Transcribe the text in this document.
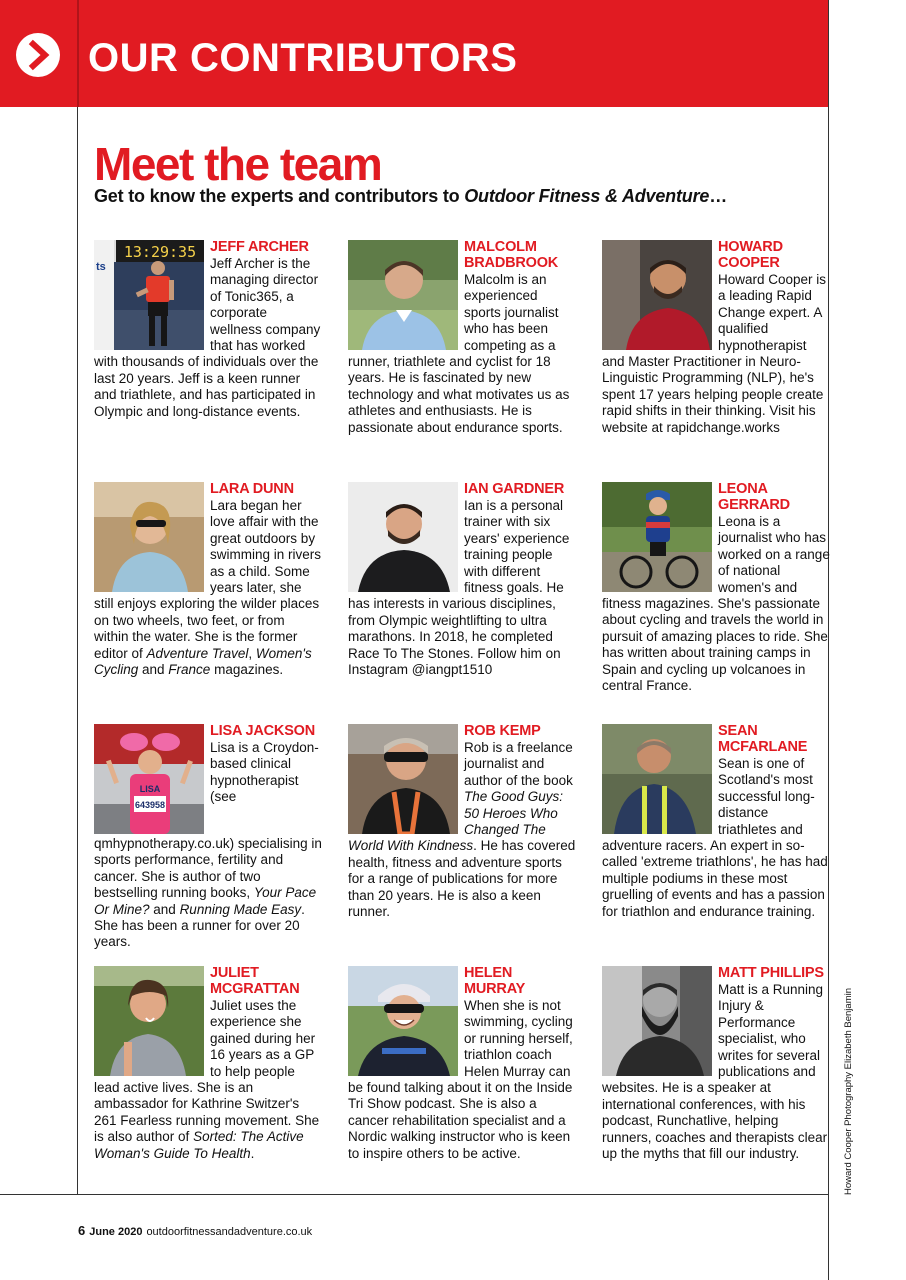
OUR CONTRIBUTORS
Meet the team
Get to know the experts and contributors to Outdoor Fitness & Adventure…
13:29:35
ts
JEFF ARCHER
Jeff Archer is the managing director of Tonic365, a corporate wellness company that has worked with thousands of individuals over the last 20 years. Jeff is a keen runner and triathlete, and has participated in Olympic and long-distance events.
MALCOLM BRADBROOK
Malcolm is an experienced sports journalist who has been competing as a runner, triathlete and cyclist for 18 years. He is fascinated by new technology and what motivates us as athletes and enthusiasts. He is passionate about endurance sports.
HOWARD COOPER
Howard Cooper is a leading Rapid Change expert. A qualified hypnotherapist and Master Practitioner in Neuro-Linguistic Programming (NLP), he's spent 17 years helping people create rapid shifts in their thinking. Visit his website at rapidchange.works
LARA DUNN
Lara began her love affair with the great outdoors by swimming in rivers as a child. Some years later, she still enjoys exploring the wilder places on two wheels, two feet, or from within the water. She is the former editor of Adventure Travel, Women's Cycling and France magazines.
IAN GARDNER
Ian is a personal trainer with six years' experience training people with different fitness goals. He has interests in various disciplines, from Olympic weightlifting to ultra marathons. In 2018, he completed Race To The Stones. Follow him on Instagram @iangpt1510
LEONA GERRARD
Leona is a journalist who has worked on a range of national women's and fitness magazines. She's passionate about cycling and travels the world in pursuit of amazing places to ride. She has written about training camps in Spain and cycling up volcanoes in central France.
LISA
643958
LISA JACKSON
Lisa is a Croydon-based clinical hypnotherapist (see qmhypnotherapy.co.uk) specialising in sports performance, fertility and cancer. She is author of two bestselling running books, Your Pace Or Mine? and Running Made Easy. She has been a runner for over 20 years.
ROB KEMP
Rob is a freelance journalist and author of the book The Good Guys: 50 Heroes Who Changed The World With Kindness. He has covered health, fitness and adventure sports for a range of publications for more than 20 years. He is also a keen runner.
SEAN MCFARLANE
Sean is one of Scotland's most successful long-distance triathletes and adventure racers. An expert in so-called 'extreme triathlons', he has had multiple podiums in these most gruelling of events and has a passion for triathlon and endurance training.
JULIET MCGRATTAN
Juliet uses the experience she gained during her 16 years as a GP to help people lead active lives. She is an ambassador for Kathrine Switzer's 261 Fearless running movement. She is also author of Sorted: The Active Woman's Guide To Health.
HELEN MURRAY
When she is not swimming, cycling or running herself, triathlon coach Helen Murray can be found talking about it on the Inside Tri Show podcast. She is also a cancer rehabilitation specialist and a Nordic walking instructor who is keen to inspire others to be active.
MATT PHILLIPS
Matt is a Running Injury & Performance specialist, who writes for several publications and websites. He is a speaker at international conferences, with his podcast, Runchatlive, helping runners, coaches and therapists clear up the myths that fill our industry.
6 June 2020 outdoorfitnessandadventure.co.uk
Howard Cooper Photography Elizabeth Benjamin
